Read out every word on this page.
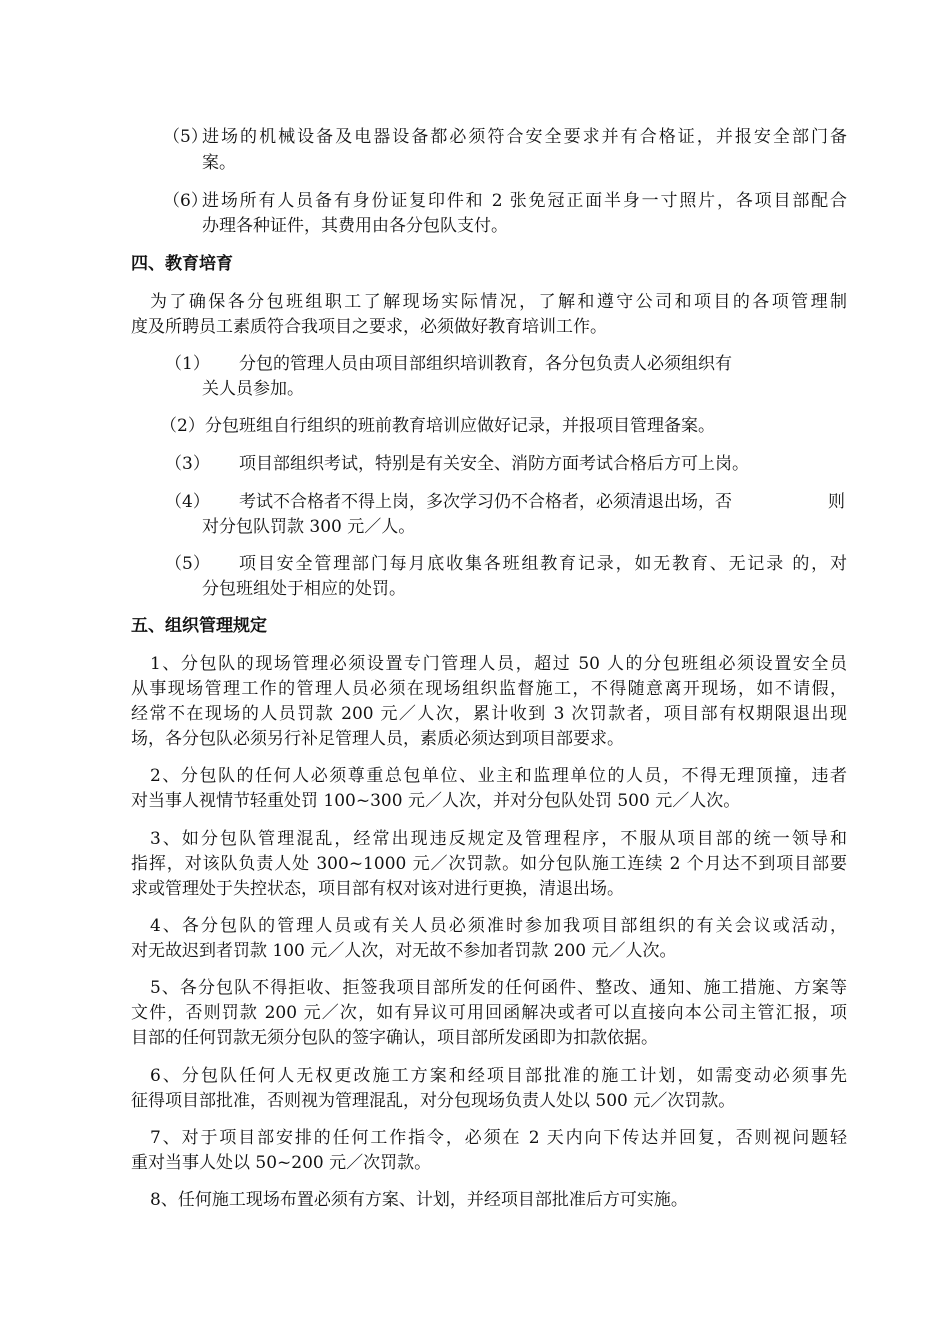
（5）
进场的机械设备及电器设备都必须符合安全要求并有合格证，并报安全部门备
案。
（6）
进场所有人员备有身份证复印件和 2 张免冠正面半身一寸照片，各项目部配合
办理各种证件，其费用由各分包队支付。
四、教育培育
为了确保各分包班组职工了解现场实际情况，了解和遵守公司和项目的各项管理制
度及所聘员工素质符合我项目之要求，必须做好教育培训工作。
（1） 分包的管理人员由项目部组织培训教育，各分包负责人必须组织有
关人员参加。
（2） 分包班组自行组织的班前教育培训应做好记录，并报项目管理备案。
（3） 项目部组织考试，特别是有关安全、消防方面考试合格后方可上岗。
（4） 考试不合格者不得上岗，多次学习仍不合格者，必须清退出场，否	则
对分包队罚款 300 元／人。
（5） 项目安全管理部门每月底收集各班组教育记录，如无教育、无记录 的，对
分包班组处于相应的处罚。
五、组织管理规定
1、分包队的现场管理必须设置专门管理人员，超过 50 人的分包班组必须设置安全员
从事现场管理工作的管理人员必须在现场组织监督施工，不得随意离开现场，如不请假，
经常不在现场的人员罚款 200 元／人次，累计收到 3 次罚款者，项目部有权期限退出现
场，各分包队必须另行补足管理人员，素质必须达到项目部要求。
2、分包队的任何人必须尊重总包单位、业主和监理单位的人员，不得无理顶撞，违者
对当事人视情节轻重处罚 100~300 元／人次，并对分包队处罚 500 元／人次。
3、如分包队管理混乱，经常出现违反规定及管理程序，不服从项目部的统一领导和
指挥，对该队负责人处 300~1000 元／次罚款。如分包队施工连续 2 个月达不到项目部要
求或管理处于失控状态，项目部有权对该对进行更换，清退出场。
4、各分包队的管理人员或有关人员必须准时参加我项目部组织的有关会议或活动，
对无故迟到者罚款 100 元／人次，对无故不参加者罚款 200 元／人次。
5、各分包队不得拒收、拒签我项目部所发的任何函件、整改、通知、施工措施、方案等
文件，否则罚款 200 元／次，如有异议可用回函解决或者可以直接向本公司主管汇报，项
目部的任何罚款无须分包队的签字确认，项目部所发函即为扣款依据。
6、分包队任何人无权更改施工方案和经项目部批准的施工计划，如需变动必须事先
征得项目部批准，否则视为管理混乱，对分包现场负责人处以 500 元／次罚款。
7、对于项目部安排的任何工作指令，必须在 2 天内向下传达并回复，否则视问题轻
重对当事人处以 50~200 元／次罚款。
8、任何施工现场布置必须有方案、计划，并经项目部批准后方可实施。
